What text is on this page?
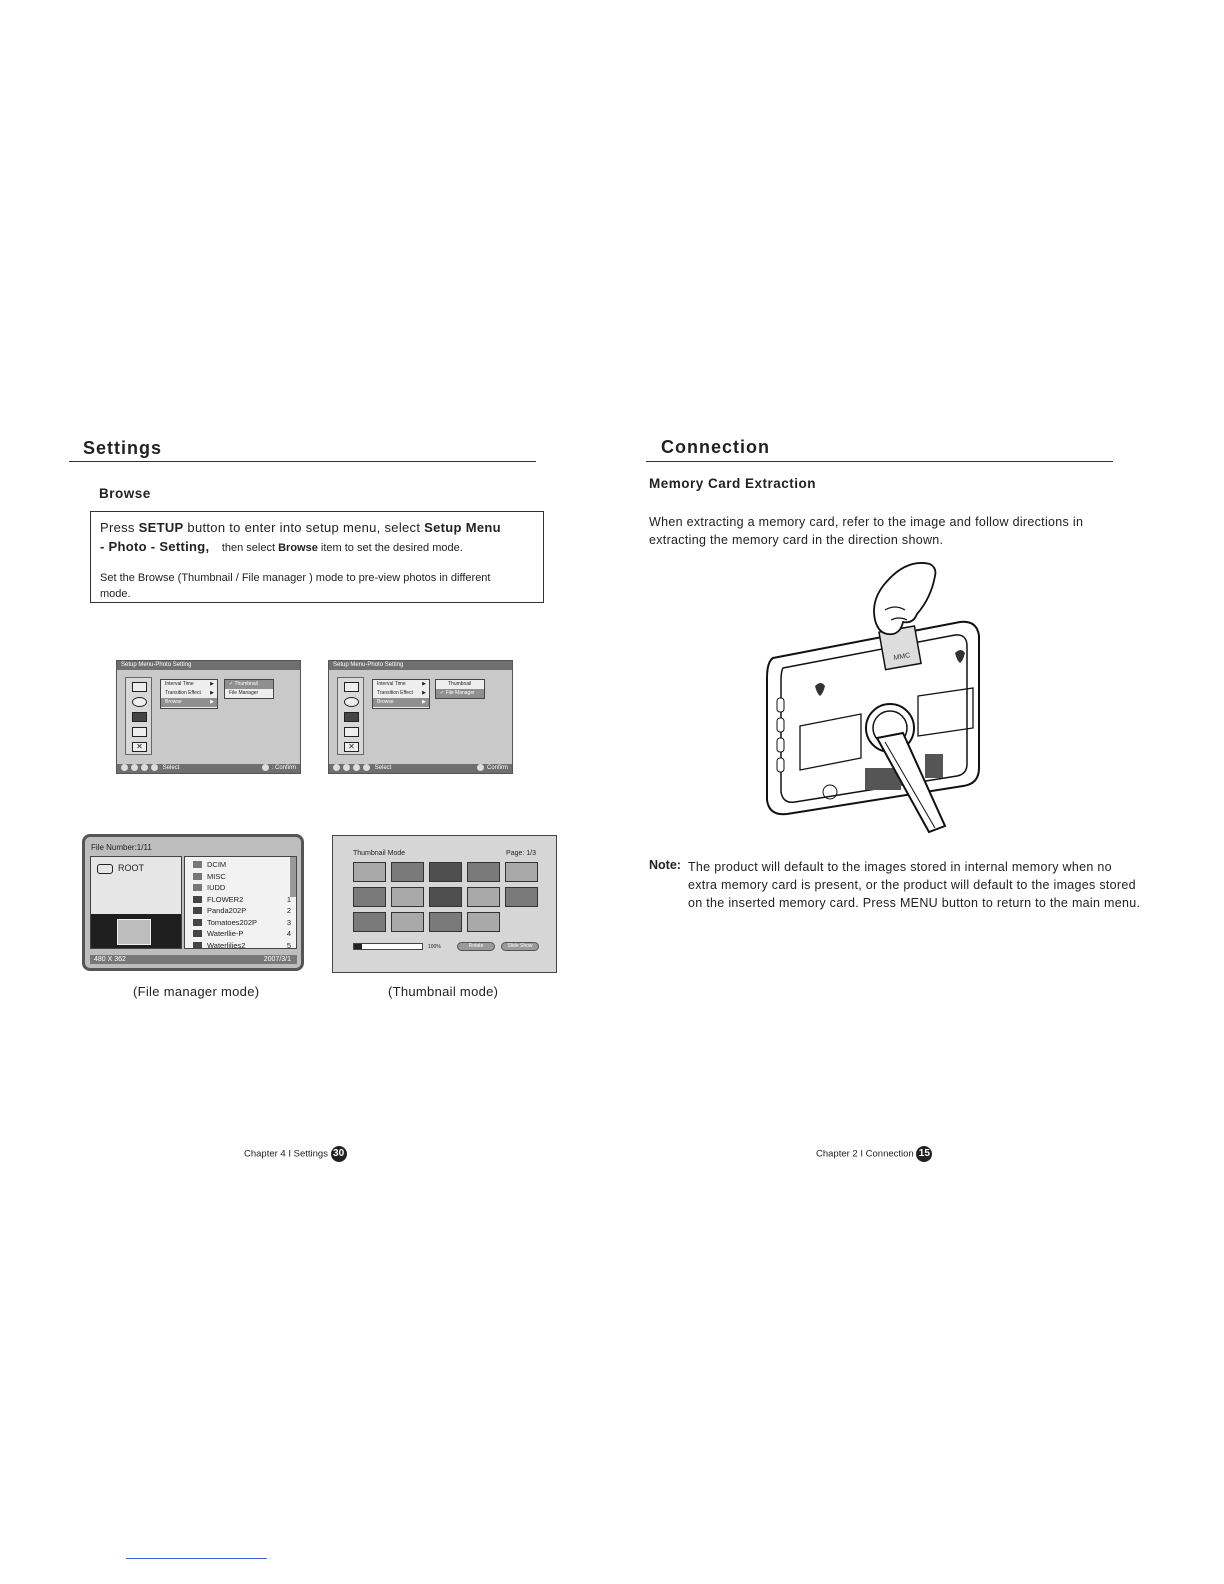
Settings
Browse
Press SETUP button to enter into setup menu, select Setup Menu
- Photo - Setting, then select Browse item to set the desired mode.
Set the Browse (Thumbnail / File manager ) mode to pre-view photos in different mode.
Setup Menu-Photo Setting
✕
Interval Time	▶
Transition Effect ▶
Browse	▶
✓ Thumbnail
File Manager
Select	: Confirm
Setup Menu-Photo Setting
✕
Interval Time	▶
Transition Effect ▶
Browse	▶
Thumbnail
✓ File Manager
Select	Confirm
File Number:1/11
ROOT	DCIM
MISC
IUDD
FLOWER2	1
Panda202P	2
Tomatoes202P	3
Waterllie-P	4
Waterlilies2	5
480 X 362	2007/3/1
(File manager mode)
Thumbnail Mode	Page: 1/3
100%	Rotate	Slide Show
(Thumbnail mode)
Chapter 4 I Settings 30
Connection
Memory Card Extraction
When extracting a memory card, refer to the image and follow directions in extracting the memory card in the direction shown.
MMC
Note: The product will default to the images stored in internal memory when no extra memory card is present, or the product will default to the images stored on the inserted memory card. Press MENU button to return to the main menu.
Chapter 2 I Connection 15
